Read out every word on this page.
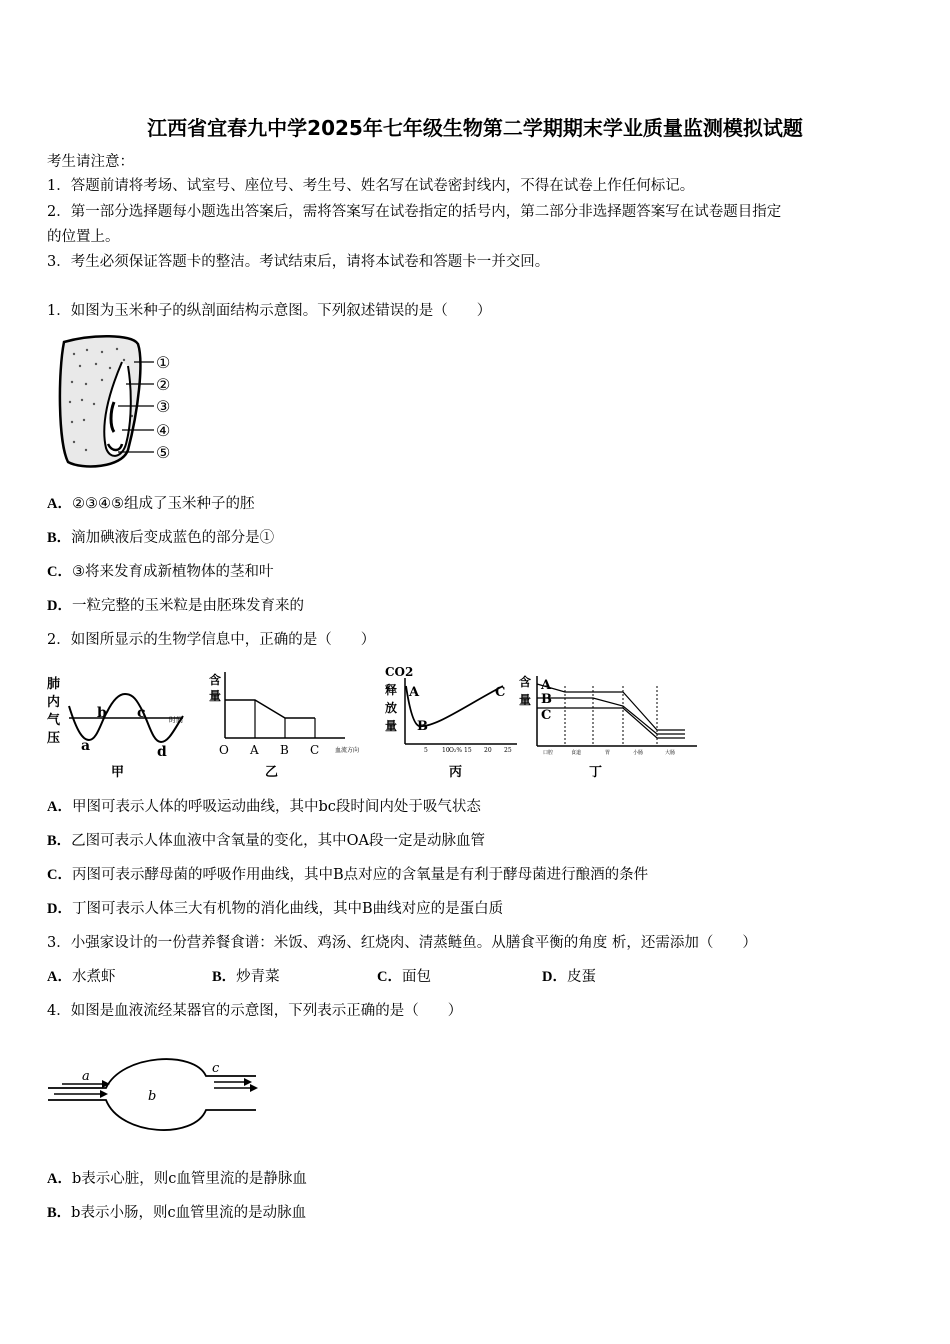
江西省宜春九中学2025年七年级生物第二学期期末学业质量监测模拟试题
考生请注意：
1．答题前请将考场、试室号、座位号、考生号、姓名写在试卷密封线内，不得在试卷上作任何标记。
2．第一部分选择题每小题选出答案后，需将答案写在试卷指定的括号内，第二部分非选择题答案写在试卷题目指定
的位置上。
3．考生必须保证答题卡的整洁。考试结束后，请将本试卷和答题卡一并交回。
1．如图为玉米种子的纵剖面结构示意图。下列叙述错误的是（　　）
①
②
③
④
⑤
A．②③④⑤组成了玉米种子的胚
B．滴加碘液后变成蓝色的部分是①
C．③将来发育成新植物体的茎和叶
D．一粒完整的玉米粒是由胚珠发育来的
2．如图所显示的生物学信息中，正确的是（　　）
肺
内
气
压 a
b c
d
时间
甲
含
量
O A B C	血流方向
乙
CO2
释
放
量
A
B
C
5 10 15 20 25
O₂%
丙
含
量
A
B
C
口腔	食道	胃	小肠	大肠
丁
A．甲图可表示人体的呼吸运动曲线，其中bc段时间内处于吸气状态
B．乙图可表示人体血液中含氧量的变化，其中OA段一定是动脉血管
C．丙图可表示酵母菌的呼吸作用曲线，其中B点对应的含氧量是有利于酵母菌进行酿酒的条件
D．丁图可表示人体三大有机物的消化曲线，其中B曲线对应的是蛋白质
3．小强家设计的一份营养餐食谱：米饭、鸡汤、红烧肉、清蒸鲢鱼。从膳食平衡的角度 析，还需添加（　　）
A．水煮虾	B．炒青菜	C．面包	D．皮蛋
4．如图是血液流经某器官的示意图，下列表示正确的是（　　）
a
b
c
A．b表示心脏，则c血管里流的是静脉血
B．b表示小肠，则c血管里流的是动脉血
